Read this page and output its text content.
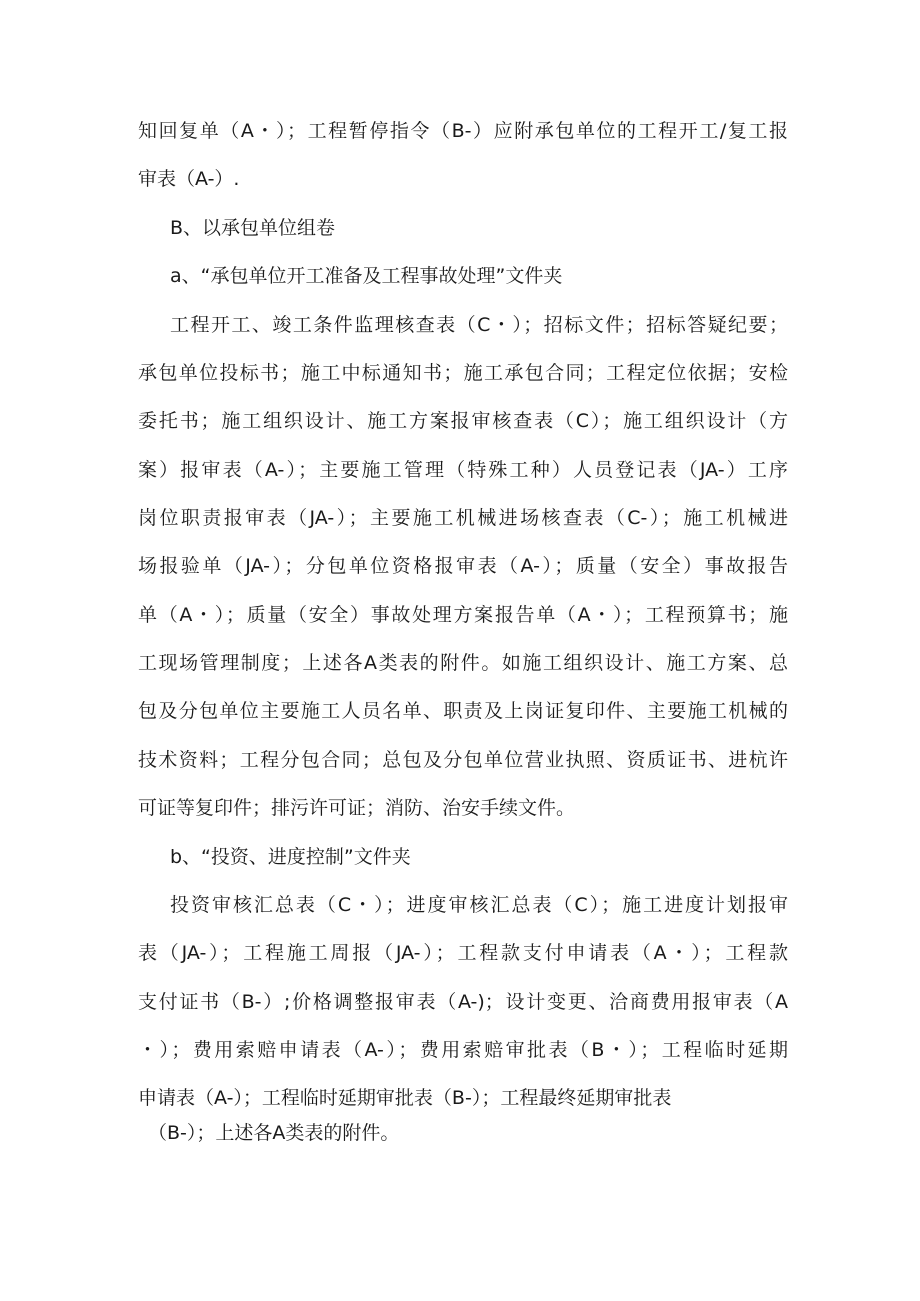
知回复单（A・）；工程暂停指令（B-）应附承包单位的工程开工/复工报
审表（A-）.
B、以承包单位组卷
a、“承包单位开工准备及工程事故处理”文件夹
工程开工、竣工条件监理核查表（C・）；招标文件；招标答疑纪要；
承包单位投标书；施工中标通知书；施工承包合同；工程定位依据；安检
委托书；施工组织设计、施工方案报审核查表（C）；施工组织设计（方
案）报审表（A-）；主要施工管理（特殊工种）人员登记表（JA-）工序
岗位职责报审表（JA-）；主要施工机械进场核查表（C-）；施工机械进
场报验单（JA-）；分包单位资格报审表（A-）；质量（安全）事故报告
单（A・）；质量（安全）事故处理方案报告单（A・）；工程预算书；施
工现场管理制度；上述各A类表的附件。如施工组织设计、施工方案、总
包及分包单位主要施工人员名单、职责及上岗证复印件、主要施工机械的
技术资料；工程分包合同；总包及分包单位营业执照、资质证书、进杭许
可证等复印件；排污许可证；消防、治安手续文件。
b、“投资、进度控制”文件夹
投资审核汇总表（C・）；进度审核汇总表（C）；施工进度计划报审
表（JA-）；工程施工周报（JA-）；工程款支付申请表（A・）；工程款
支付证书（B-）;价格调整报审表（A-)；设计变更、洽商费用报审表（A
・）；费用索赔申请表（A-）；费用索赔审批表（B・）；工程临时延期
申请表（A-）；工程临时延期审批表（B-）；工程最终延期审批表
（B-）；上述各A类表的附件。
